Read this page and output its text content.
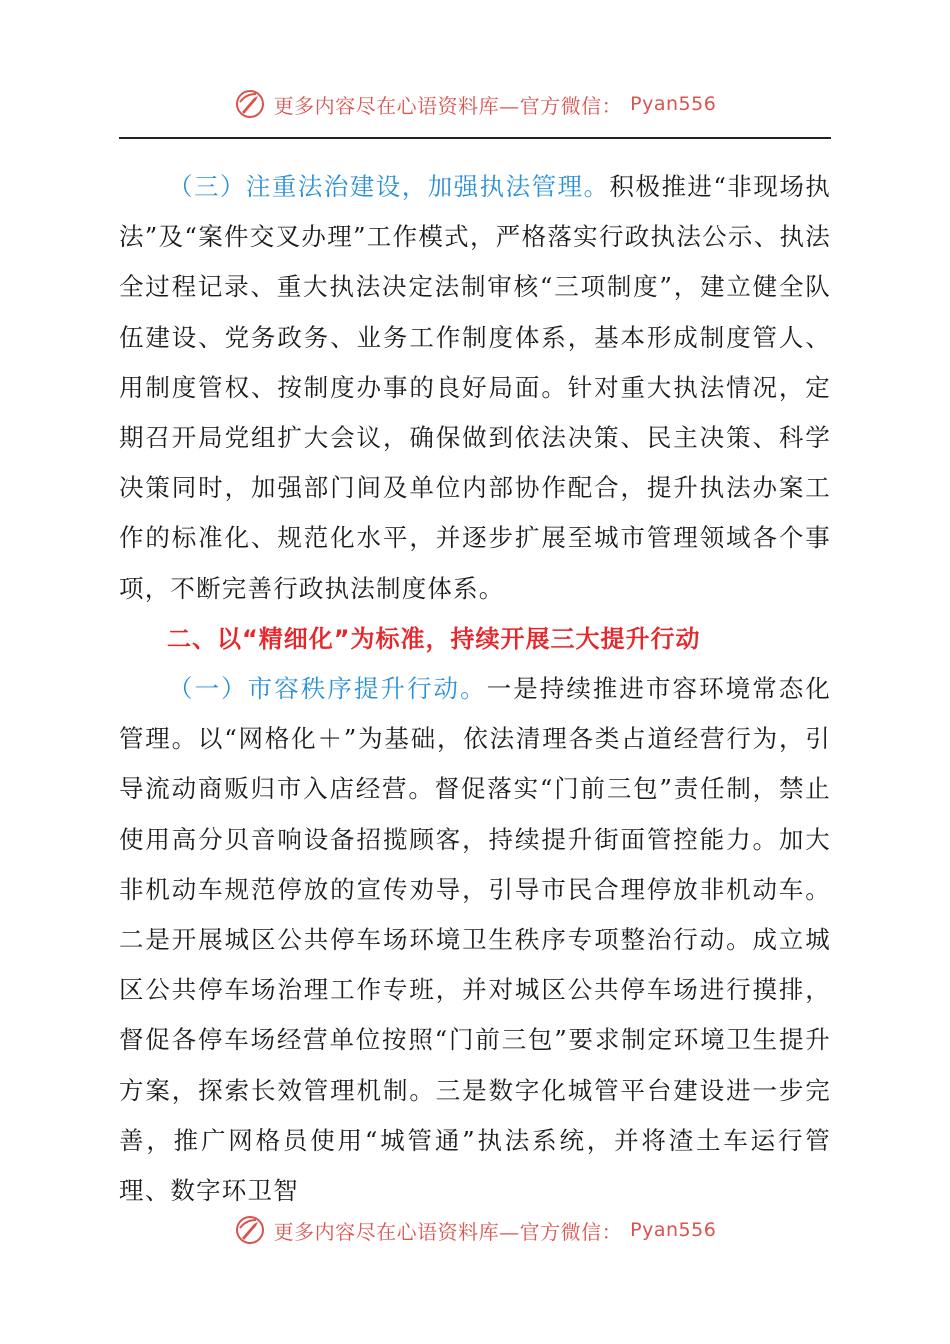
更多内容尽在心语资料库—官方微信： Pyan556

（三）注重法治建设，加强执法管理。积极推进“非现场执法”及“案件交叉办理”工作模式，严格落实行政执法公示、执法全过程记录、重大执法决定法制审核“三项制度”，建立健全队伍建设、党务政务、业务工作制度体系，基本形成制度管人、用制度管权、按制度办事的良好局面。针对重大执法情况，定期召开局党组扩大会议，确保做到依法决策、民主决策、科学决策同时，加强部门间及单位内部协作配合，提升执法办案工作的标准化、规范化水平，并逐步扩展至城市管理领域各个事项，不断完善行政执法制度体系。

二、以“精细化”为标准，持续开展三大提升行动

（一）市容秩序提升行动。一是持续推进市容环境常态化管理。以“网格化＋”为基础，依法清理各类占道经营行为，引导流动商贩归市入店经营。督促落实“门前三包”责任制，禁止使用高分贝音响设备招揽顾客，持续提升街面管控能力。加大非机动车规范停放的宣传劝导，引导市民合理停放非机动车。二是开展城区公共停车场环境卫生秩序专项整治行动。成立城区公共停车场治理工作专班，并对城区公共停车场进行摸排，督促各停车场经营单位按照“门前三包”要求制定环境卫生提升方案，探索长效管理机制。三是数字化城管平台建设进一步完善，推广网格员使用“城管通”执法系统，并将渣土车运行管理、数字环卫智

更多内容尽在心语资料库—官方微信： Pyan556
